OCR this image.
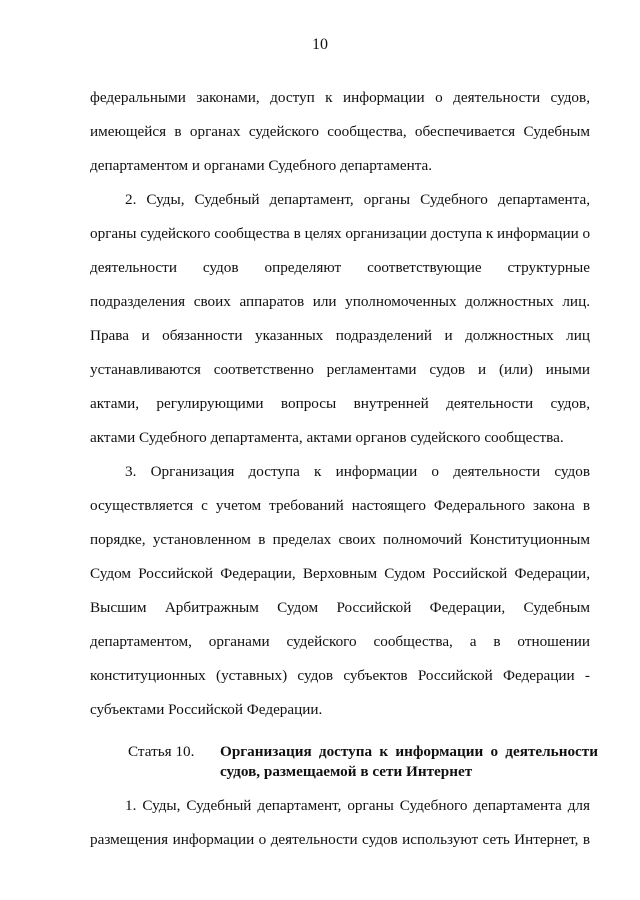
10
федеральными законами, доступ к информации о деятельности судов,
имеющейся в органах судейского сообщества, обеспечивается Судебным
департаментом и органами Судебного департамента.
2. Суды, Судебный департамент, органы Судебного департамента,
органы судейского сообщества в целях организации доступа к информации о
деятельности судов определяют соответствующие структурные
подразделения своих аппаратов или уполномоченных должностных лиц.
Права и обязанности указанных подразделений и должностных лиц
устанавливаются соответственно регламентами судов и (или) иными
актами, регулирующими вопросы внутренней деятельности судов,
актами Судебного департамента, актами органов судейского сообщества.
3. Организация доступа к информации о деятельности судов
осуществляется с учетом требований настоящего Федерального закона в
порядке, установленном в пределах своих полномочий Конституционным
Судом Российской Федерации, Верховным Судом Российской Федерации,
Высшим Арбитражным Судом Российской Федерации, Судебным
департаментом, органами судейского сообщества, а в отношении
конституционных (уставных) судов субъектов Российской Федерации -
субъектами Российской Федерации.
Статья 10. Организация доступа к информации о деятельности
судов, размещаемой в сети Интернет
1. Суды, Судебный департамент, органы Судебного департамента для
размещения информации о деятельности судов используют сеть Интернет, в
